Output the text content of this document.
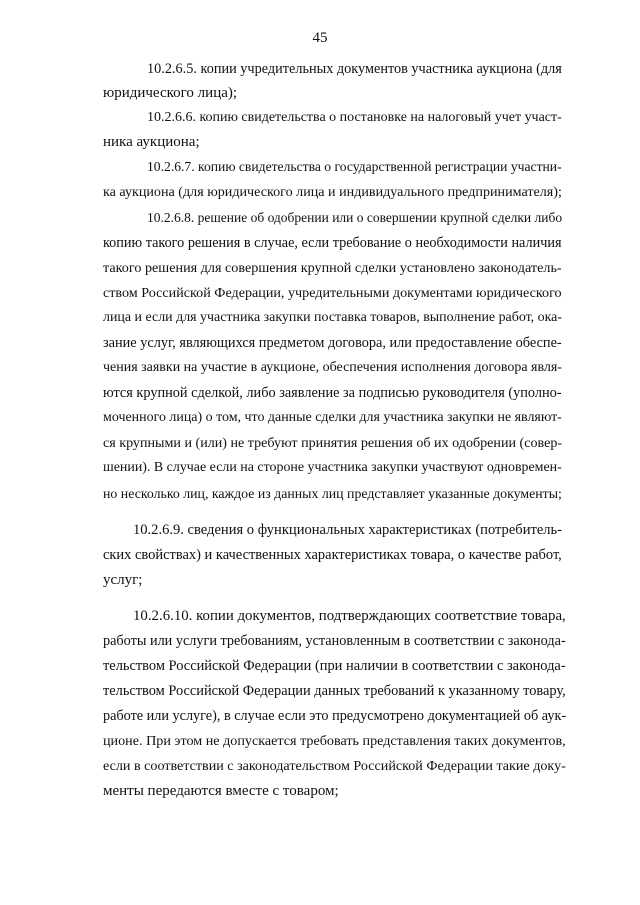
45
10.2.6.5. копии учредительных документов участника аукциона (для
юридического лица);
10.2.6.6. копию свидетельства о постановке на налоговый учет участ-
ника аукциона;
10.2.6.7. копию свидетельства о государственной регистрации участни-
ка аукциона (для юридического лица и индивидуального предпринимателя);
10.2.6.8. решение об одобрении или о совершении крупной сделки либо
копию такого решения в случае, если требование о необходимости наличия
такого решения для совершения крупной сделки установлено законодатель-
ством Российской Федерации, учредительными документами юридического
лица и если для участника закупки поставка товаров, выполнение работ, ока-
зание услуг, являющихся предметом договора, или предоставление обеспе-
чения заявки на участие в аукционе, обеспечения исполнения договора явля-
ются крупной сделкой, либо заявление за подписью руководителя (уполно-
моченного лица) о том, что данные сделки для участника закупки не являют-
ся крупными и (или) не требуют принятия решения об их одобрении (совер-
шении). В случае если на стороне участника закупки участвуют одновремен-
но несколько лиц, каждое из данных лиц представляет указанные документы;
10.2.6.9. сведения о функциональных характеристиках (потребитель-
ских свойствах) и качественных характеристиках товара, о качестве работ,
услуг;
10.2.6.10. копии документов, подтверждающих соответствие товара,
работы или услуги требованиям, установленным в соответствии с законода-
тельством Российской Федерации (при наличии в соответствии с законода-
тельством Российской Федерации данных требований к указанному товару,
работе или услуге), в случае если это предусмотрено документацией об аук-
ционе. При этом не допускается требовать представления таких документов,
если в соответствии с законодательством Российской Федерации такие доку-
менты передаются вместе с товаром;
